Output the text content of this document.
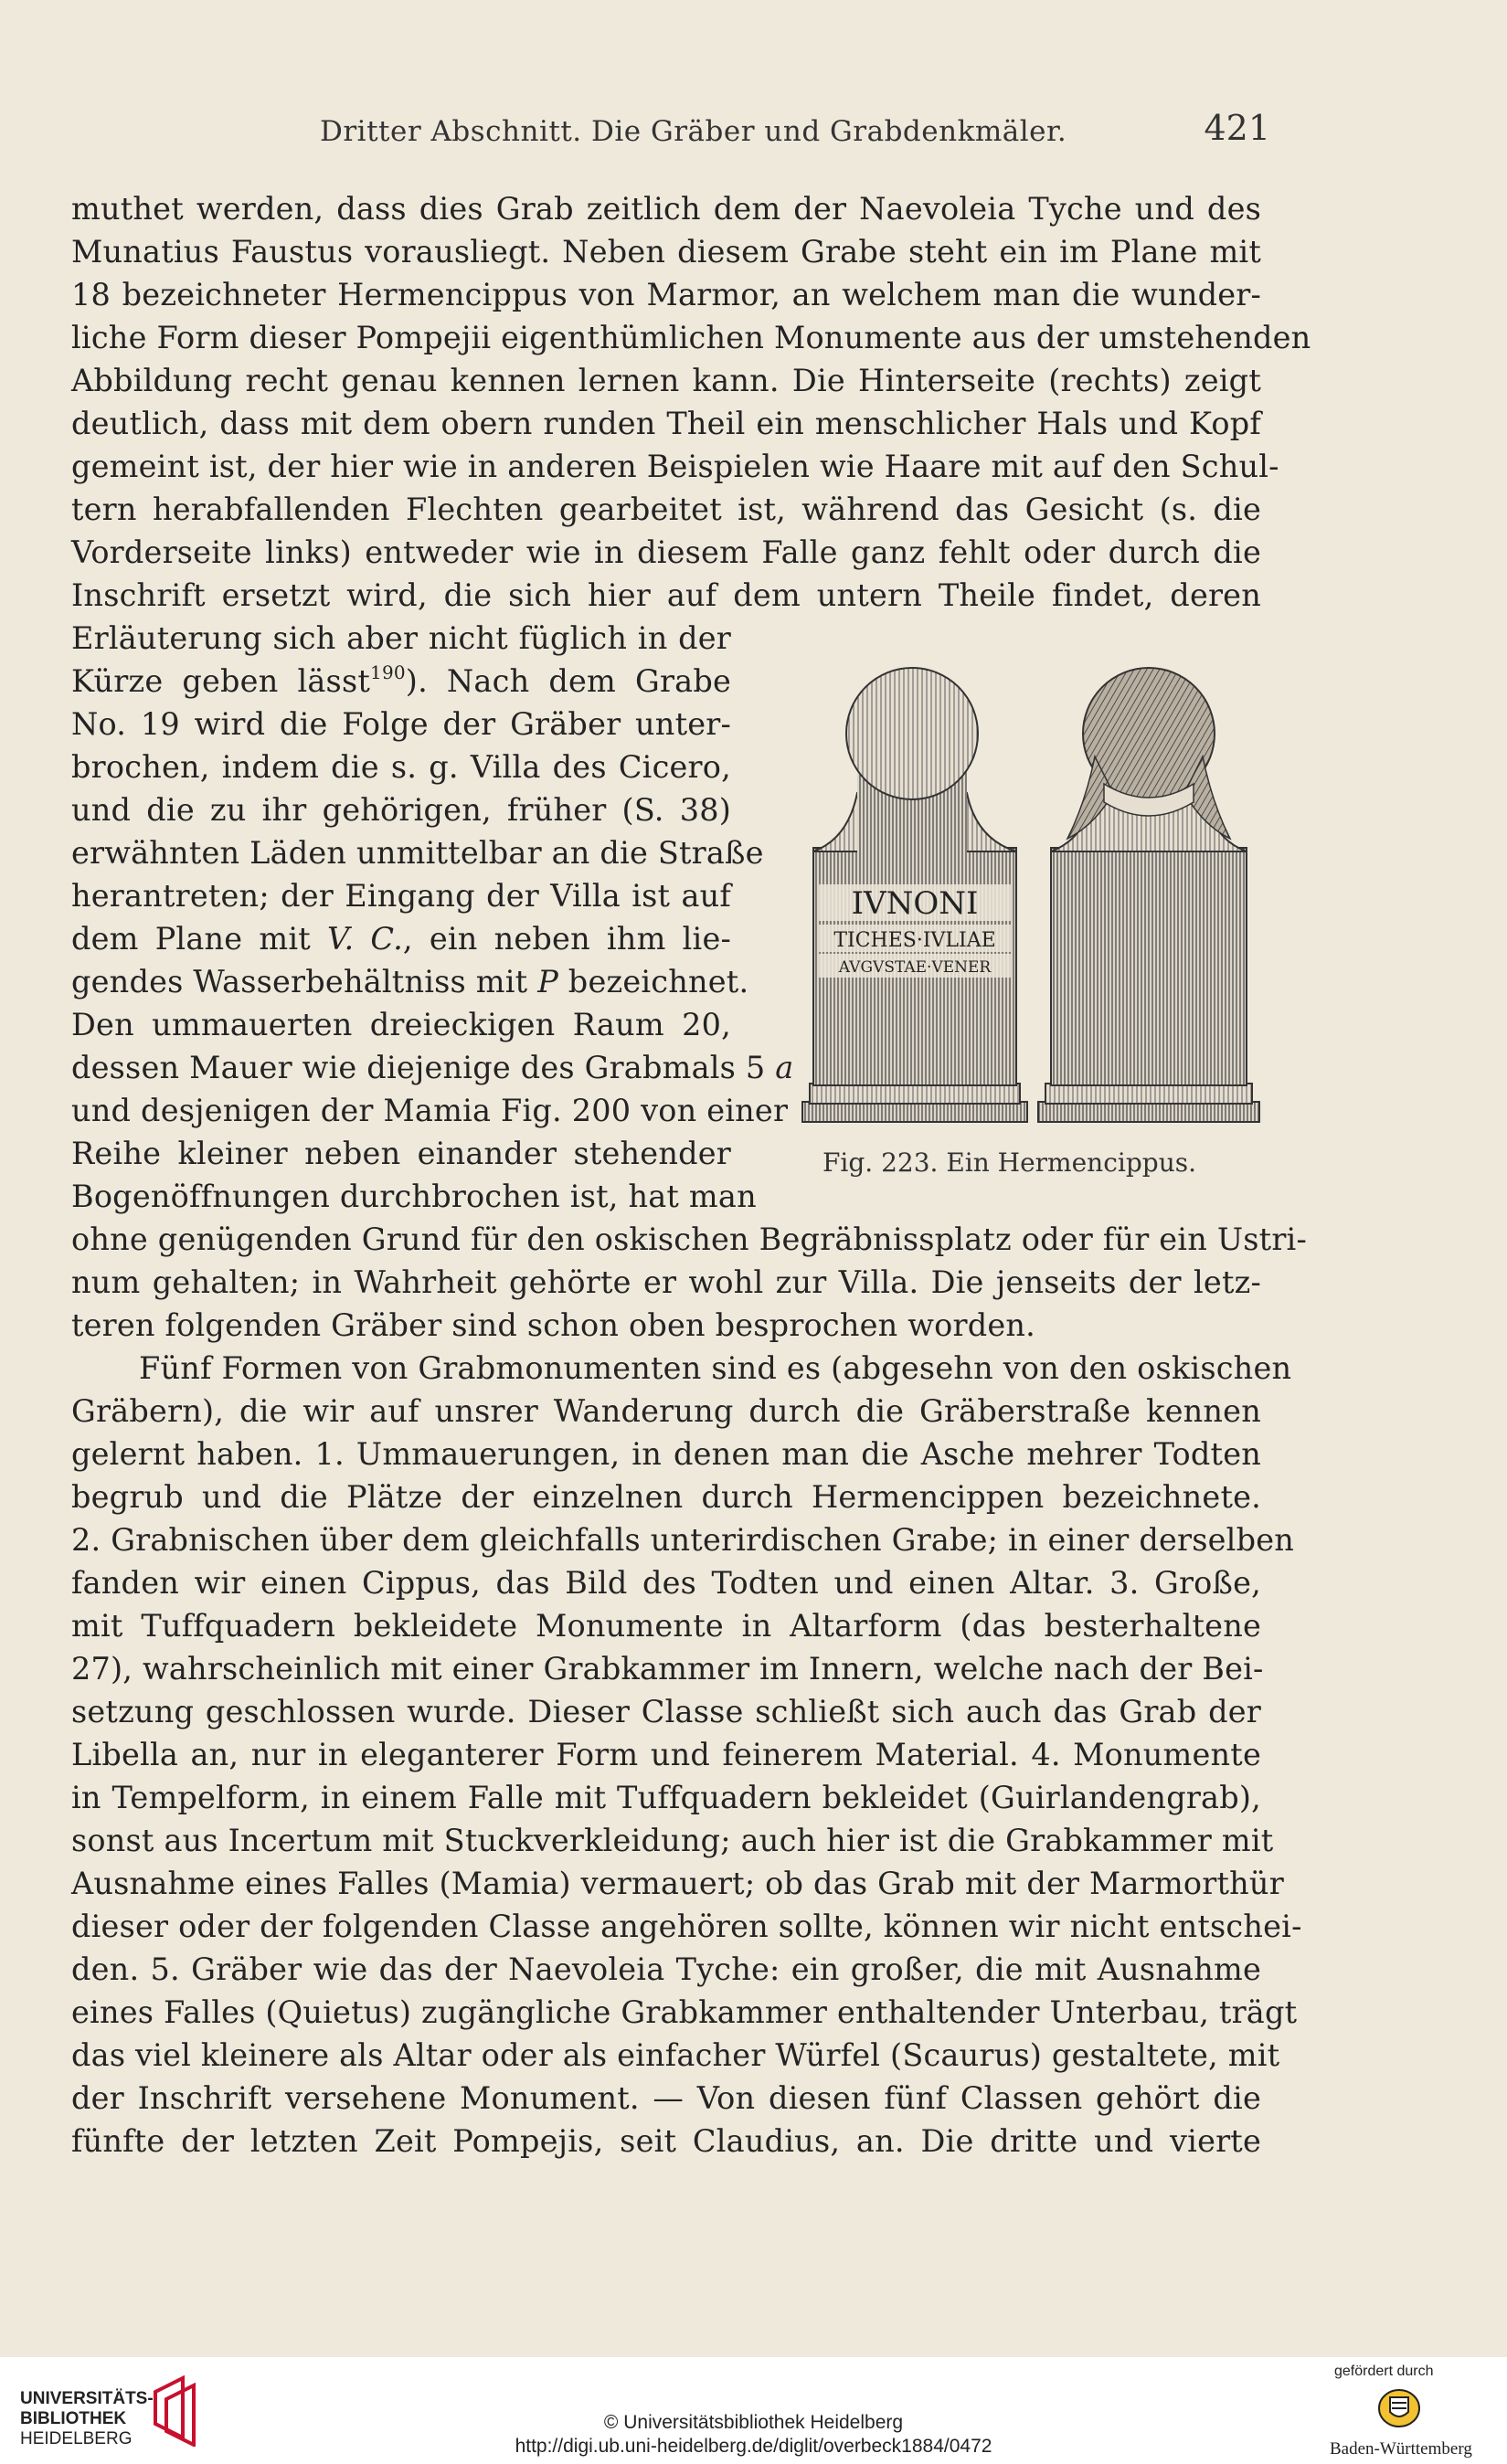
Dritter Abschnitt. Die Gräber und Grabdenkmäler.	421
muthet werden, dass dies Grab zeitlich dem der Naevoleia Tyche und des
Munatius Faustus vorausliegt. Neben diesem Grabe steht ein im Plane mit
18 bezeichneter Hermencippus von Marmor, an welchem man die wunder-
liche Form dieser Pompejii eigenthümlichen Monumente aus der umstehenden
Abbildung recht genau kennen lernen kann. Die Hinterseite (rechts) zeigt
deutlich, dass mit dem obern runden Theil ein menschlicher Hals und Kopf
gemeint ist, der hier wie in anderen Beispielen wie Haare mit auf den Schul-
tern herabfallenden Flechten gearbeitet ist, während das Gesicht (s. die
Vorderseite links) entweder wie in diesem Falle ganz fehlt oder durch die
Inschrift ersetzt wird, die sich hier auf dem untern Theile findet, deren
Erläuterung sich aber nicht füglich in der
Kürze geben lässt$^{190}$). Nach dem Grabe
No. 19 wird die Folge der Gräber unter-
brochen, indem die s. g. Villa des Cicero,
und die zu ihr gehörigen, früher (S. 38)
erwähnten Läden unmittelbar an die Straße
herantreten; der Eingang der Villa ist auf
dem Plane mit V. C., ein neben ihm lie-
gendes Wasserbehältniss mit P bezeichnet.
Den ummauerten dreieckigen Raum 20,
dessen Mauer wie diejenige des Grabmals 5 a
und desjenigen der Mamia Fig. 200 von einer
Reihe kleiner neben einander stehender
Bogenöffnungen durchbrochen ist, hat man
IVNONI
TICHES·IVLIAE
AVGVSTAE·VENER
Fig. 223. Ein Hermencippus.
ohne genügenden Grund für den oskischen Begräbnissplatz oder für ein Ustri-
num gehalten; in Wahrheit gehörte er wohl zur Villa. Die jenseits der letz-
teren folgenden Gräber sind schon oben besprochen worden.
Fünf Formen von Grabmonumenten sind es (abgesehn von den oskischen
Gräbern), die wir auf unsrer Wanderung durch die Gräberstraße kennen
gelernt haben. 1. Ummauerungen, in denen man die Asche mehrer Todten
begrub und die Plätze der einzelnen durch Hermencippen bezeichnete.
2. Grabnischen über dem gleichfalls unterirdischen Grabe; in einer derselben
fanden wir einen Cippus, das Bild des Todten und einen Altar. 3. Große,
mit Tuffquadern bekleidete Monumente in Altarform (das besterhaltene
27), wahrscheinlich mit einer Grabkammer im Innern, welche nach der Bei-
setzung geschlossen wurde. Dieser Classe schließt sich auch das Grab der
Libella an, nur in eleganterer Form und feinerem Material. 4. Monumente
in Tempelform, in einem Falle mit Tuffquadern bekleidet (Guirlandengrab),
sonst aus Incertum mit Stuckverkleidung; auch hier ist die Grabkammer mit
Ausnahme eines Falles (Mamia) vermauert; ob das Grab mit der Marmorthür
dieser oder der folgenden Classe angehören sollte, können wir nicht entschei-
den. 5. Gräber wie das der Naevoleia Tyche: ein großer, die mit Ausnahme
eines Falles (Quietus) zugängliche Grabkammer enthaltender Unterbau, trägt
das viel kleinere als Altar oder als einfacher Würfel (Scaurus) gestaltete, mit
der Inschrift versehene Monument. — Von diesen fünf Classen gehört die
fünfte der letzten Zeit Pompejis, seit Claudius, an. Die dritte und vierte
UNIVERSITÄTS-
BIBLIOTHEK
HEIDELBERG
© Universitätsbibliothek Heidelberg
http://digi.ub.uni-heidelberg.de/diglit/overbeck1884/0472
gefördert durch
Baden-Württemberg
